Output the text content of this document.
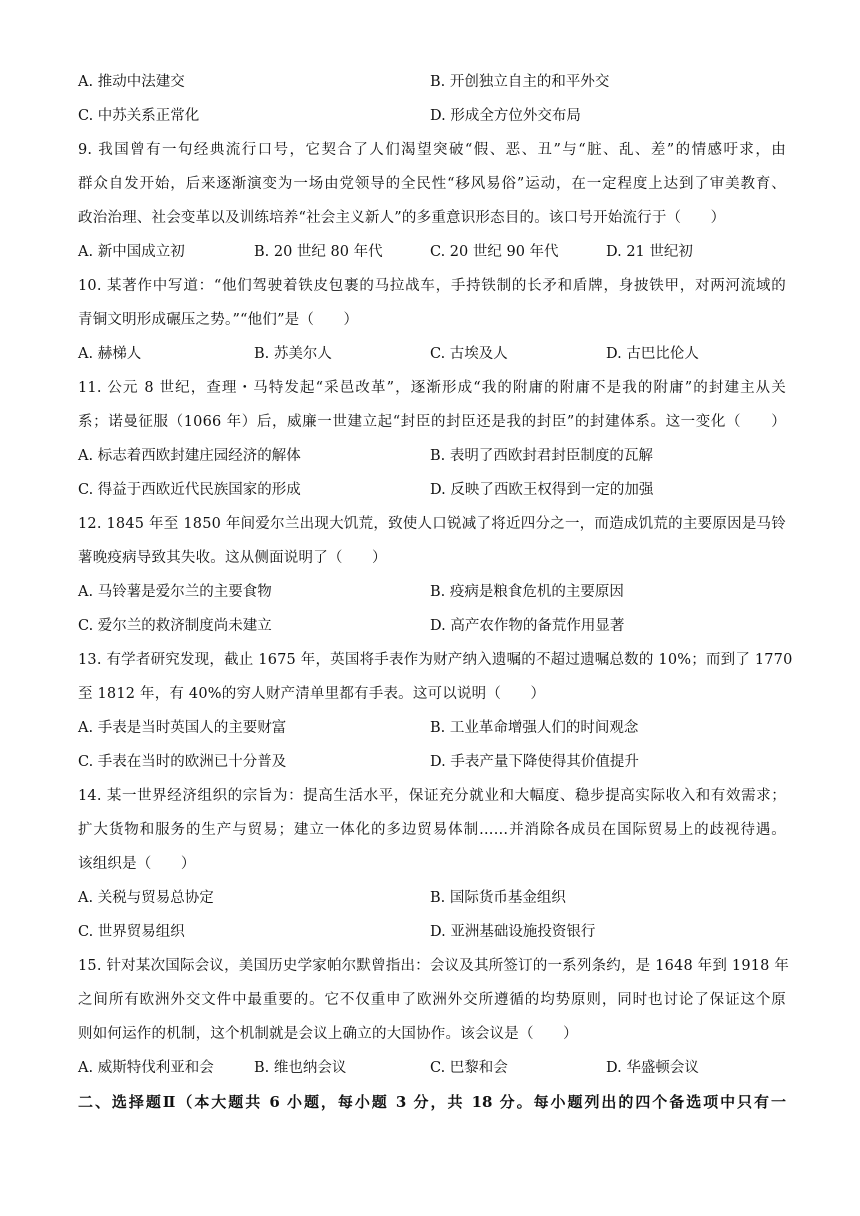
A. 推动中法建交	B. 开创独立自主的和平外交
C. 中苏关系正常化	D. 形成全方位外交布局
9. 我国曾有一句经典流行口号，它契合了人们渴望突破“假、恶、丑”与“脏、乱、差”的情感吁求，由
群众自发开始，后来逐渐演变为一场由党领导的全民性“移风易俗”运动，在一定程度上达到了审美教育、
政治治理、社会变革以及训练培养“社会主义新人”的多重意识形态目的。该口号开始流行于（　　）
A. 新中国成立初	B. 20 世纪 80 年代	C. 20 世纪 90 年代	D. 21 世纪初
10. 某著作中写道：“他们驾驶着铁皮包裹的马拉战车，手持铁制的长矛和盾牌，身披铁甲，对两河流域的
青铜文明形成碾压之势。”“他们”是（　　）
A. 赫梯人	B. 苏美尔人	C. 古埃及人	D. 古巴比伦人
11. 公元 8 世纪，查理・马特发起“采邑改革”，逐渐形成“我的附庸的附庸不是我的附庸”的封建主从关
系；诺曼征服（1066 年）后，威廉一世建立起“封臣的封臣还是我的封臣”的封建体系。这一变化（　　）
A. 标志着西欧封建庄园经济的解体	B. 表明了西欧封君封臣制度的瓦解
C. 得益于西欧近代民族国家的形成	D. 反映了西欧王权得到一定的加强
12. 1845 年至 1850 年间爱尔兰出现大饥荒，致使人口锐减了将近四分之一，而造成饥荒的主要原因是马铃
薯晚疫病导致其失收。这从侧面说明了（　　）
A. 马铃薯是爱尔兰的主要食物	B. 疫病是粮食危机的主要原因
C. 爱尔兰的救济制度尚未建立	D. 高产农作物的备荒作用显著
13. 有学者研究发现，截止 1675 年，英国将手表作为财产纳入遗嘱的不超过遗嘱总数的 10%；而到了 1770
至 1812 年，有 40%的穷人财产清单里都有手表。这可以说明（　　）
A. 手表是当时英国人的主要财富	B. 工业革命增强人们的时间观念
C. 手表在当时的欧洲已十分普及	D. 手表产量下降使得其价值提升
14. 某一世界经济组织的宗旨为：提高生活水平，保证充分就业和大幅度、稳步提高实际收入和有效需求；
扩大货物和服务的生产与贸易；建立一体化的多边贸易体制……并消除各成员在国际贸易上的歧视待遇。
该组织是（　　）
A. 关税与贸易总协定	B. 国际货币基金组织
C. 世界贸易组织	D. 亚洲基础设施投资银行
15. 针对某次国际会议，美国历史学家帕尔默曾指出：会议及其所签订的一系列条约，是 1648 年到 1918 年
之间所有欧洲外交文件中最重要的。它不仅重申了欧洲外交所遵循的均势原则，同时也讨论了保证这个原
则如何运作的机制，这个机制就是会议上确立的大国协作。该会议是（　　）
A. 威斯特伐利亚和会	B. 维也纳会议	C. 巴黎和会	D. 华盛顿会议
二、选择题Ⅱ（本大题共 6 小题，每小题 3 分，共 18 分。每小题列出的四个备选项中只有一
